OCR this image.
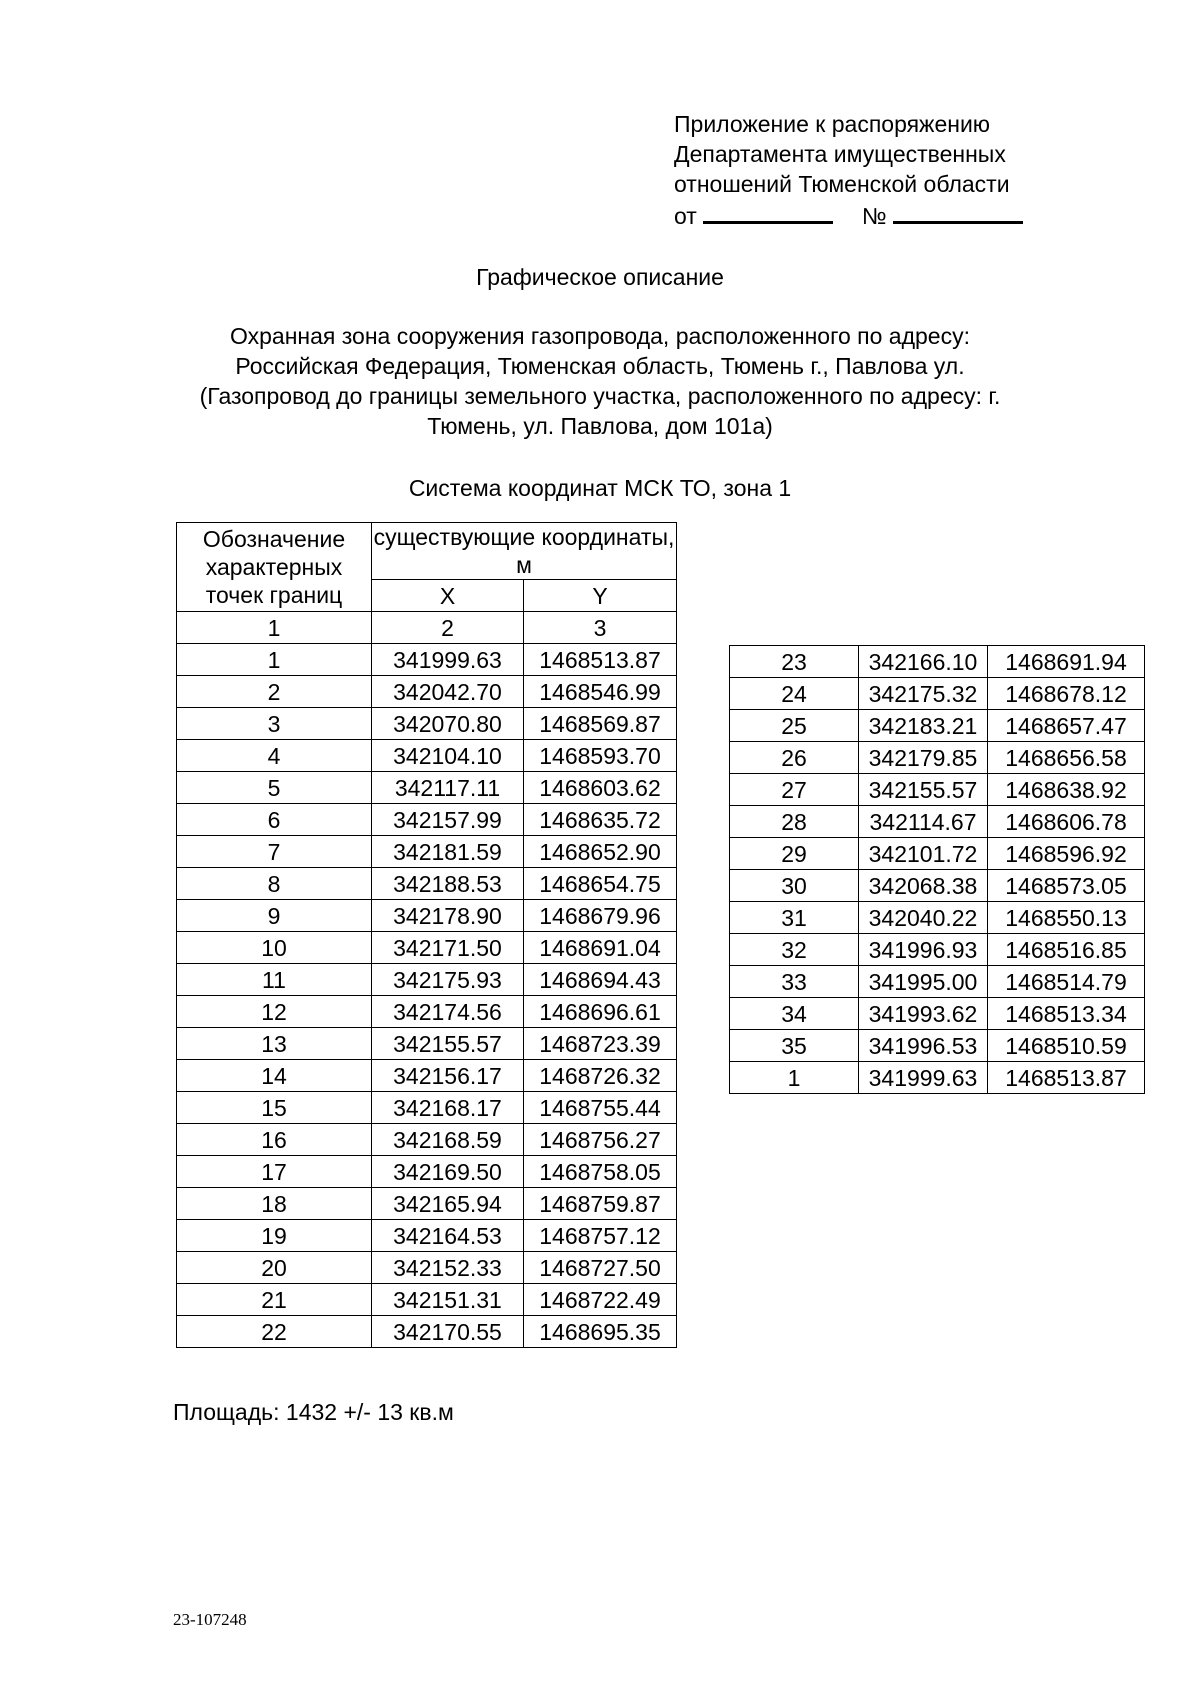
Приложение к распоряжению
Департамента имущественных
отношений Тюменской области
от	№
Графическое описание
Охранная зона сооружения газопровода, расположенного по адресу:
Российская Федерация, Тюменская область, Тюмень г., Павлова ул.
(Газопровод до границы земельного участка, расположенного по адресу: г.
Тюмень, ул. Павлова, дом 101а)
Система координат МСК ТО, зона 1
Обозначение характерных точек границ	существующие координаты, м	
	X	Y
1	2	3
1	341999.63	1468513.87
2	342042.70	1468546.99
3	342070.80	1468569.87
4	342104.10	1468593.70
5	342117.11	1468603.62
6	342157.99	1468635.72
7	342181.59	1468652.90
8	342188.53	1468654.75
9	342178.90	1468679.96
10	342171.50	1468691.04
11	342175.93	1468694.43
12	342174.56	1468696.61
13	342155.57	1468723.39
14	342156.17	1468726.32
15	342168.17	1468755.44
16	342168.59	1468756.27
17	342169.50	1468758.05
18	342165.94	1468759.87
19	342164.53	1468757.12
20	342152.33	1468727.50
21	342151.31	1468722.49
22	342170.55	1468695.35
23	342166.10	1468691.94
24	342175.32	1468678.12
25	342183.21	1468657.47
26	342179.85	1468656.58
27	342155.57	1468638.92
28	342114.67	1468606.78
29	342101.72	1468596.92
30	342068.38	1468573.05
31	342040.22	1468550.13
32	341996.93	1468516.85
33	341995.00	1468514.79
34	341993.62	1468513.34
35	341996.53	1468510.59
1	341999.63	1468513.87
Площадь: 1432 +/- 13 кв.м
23-107248
